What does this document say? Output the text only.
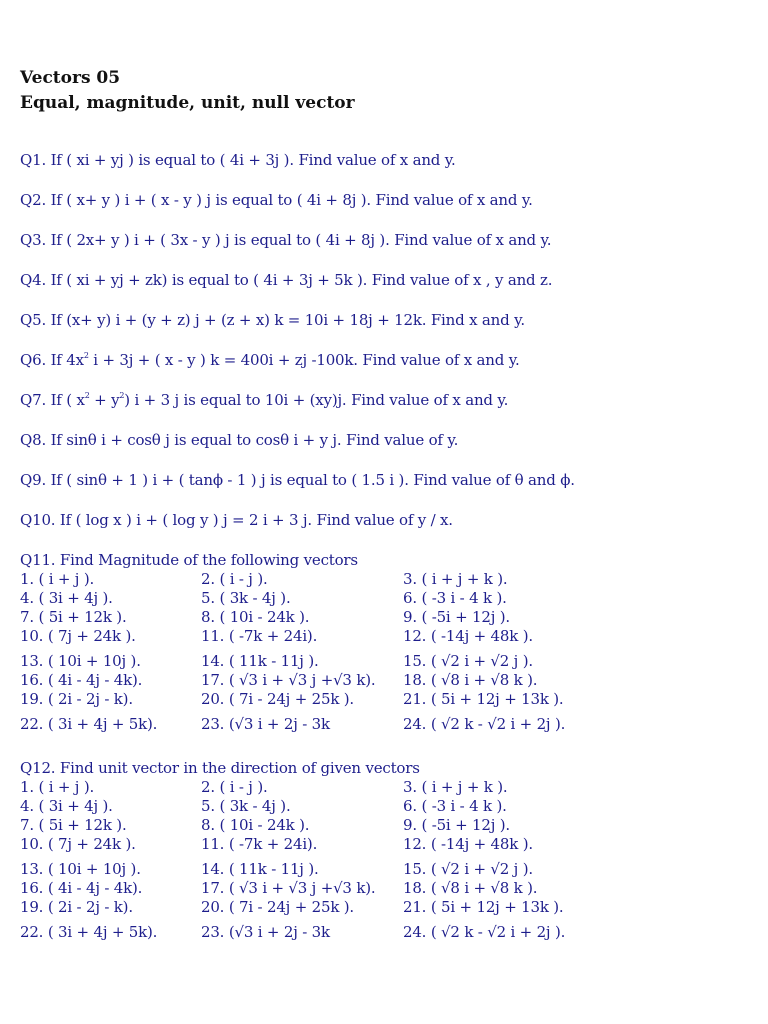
Vectors 05
Equal, magnitude, unit, null vector
Q1. If ( xi + yj ) is equal to ( 4i + 3j ). Find value of x and y.
Q2. If ( x+ y ) i + ( x - y ) j is equal to ( 4i + 8j ). Find value of x and y.
Q3. If ( 2x+ y ) i + ( 3x - y ) j is equal to ( 4i + 8j ). Find value of x and y.
Q4. If ( xi + yj + zk) is equal to ( 4i + 3j + 5k ). Find value of x , y and z.
Q5. If (x+ y) i + (y + z) j + (z + x) k = 10i + 18j + 12k. Find x and y.
Q6. If $4x^2$ i + 3j + ( x - y ) k = 400i + zj -100k. Find value of x and y.
Q7. If ( $x^2 + y^2$) i + 3 j is equal to 10i + (xy)j. Find value of x and y.
Q8. If sinθ i + cosθ j is equal to cosθ i + y j. Find value of y.
Q9. If ( sinθ + 1 ) i + ( tanϕ - 1 ) j is equal to ( 1.5 i ). Find value of θ and ϕ.
Q10. If ( log x ) i + ( log y ) j = 2 i + 3 j. Find value of y / x.
Q11. Find Magnitude of the following vectors
1. ( i + j ).	2. ( i - j ).	3. ( i + j + k ).
4. ( 3i + 4j ).	5. ( 3k - 4j ).	6. ( -3 i - 4 k ).
7. ( 5i + 12k ).	8. ( 10i - 24k ).	9. ( -5i + 12j ).
10. ( 7j + 24k ).	11. ( -7k + 24i).	12. ( -14j + 48k ).
13. ( 10i + 10j ).	14. ( 11k - 11j ).	15. ( √2 i + √2 j ).
16. ( 4i - 4j - 4k).	17. ( √3 i + √3 j +√3 k).	18. ( √8 i + √8 k ).
19. ( 2i - 2j - k).	20. ( 7i - 24j + 25k ).	21. ( 5i + 12j + 13k ).
22. ( 3i + 4j + 5k).	23. (√3 i + 2j - 3k	24. ( √2 k - √2 i + 2j ).
Q12. Find unit vector in the direction of given vectors
1. ( i + j ).	2. ( i - j ).	3. ( i + j + k ).
4. ( 3i + 4j ).	5. ( 3k - 4j ).	6. ( -3 i - 4 k ).
7. ( 5i + 12k ).	8. ( 10i - 24k ).	9. ( -5i + 12j ).
10. ( 7j + 24k ).	11. ( -7k + 24i).	12. ( -14j + 48k ).
13. ( 10i + 10j ).	14. ( 11k - 11j ).	15. ( √2 i + √2 j ).
16. ( 4i - 4j - 4k).	17. ( √3 i + √3 j +√3 k).	18. ( √8 i + √8 k ).
19. ( 2i - 2j - k).	20. ( 7i - 24j + 25k ).	21. ( 5i + 12j + 13k ).
22. ( 3i + 4j + 5k).	23. (√3 i + 2j - 3k	24. ( √2 k - √2 i + 2j ).
